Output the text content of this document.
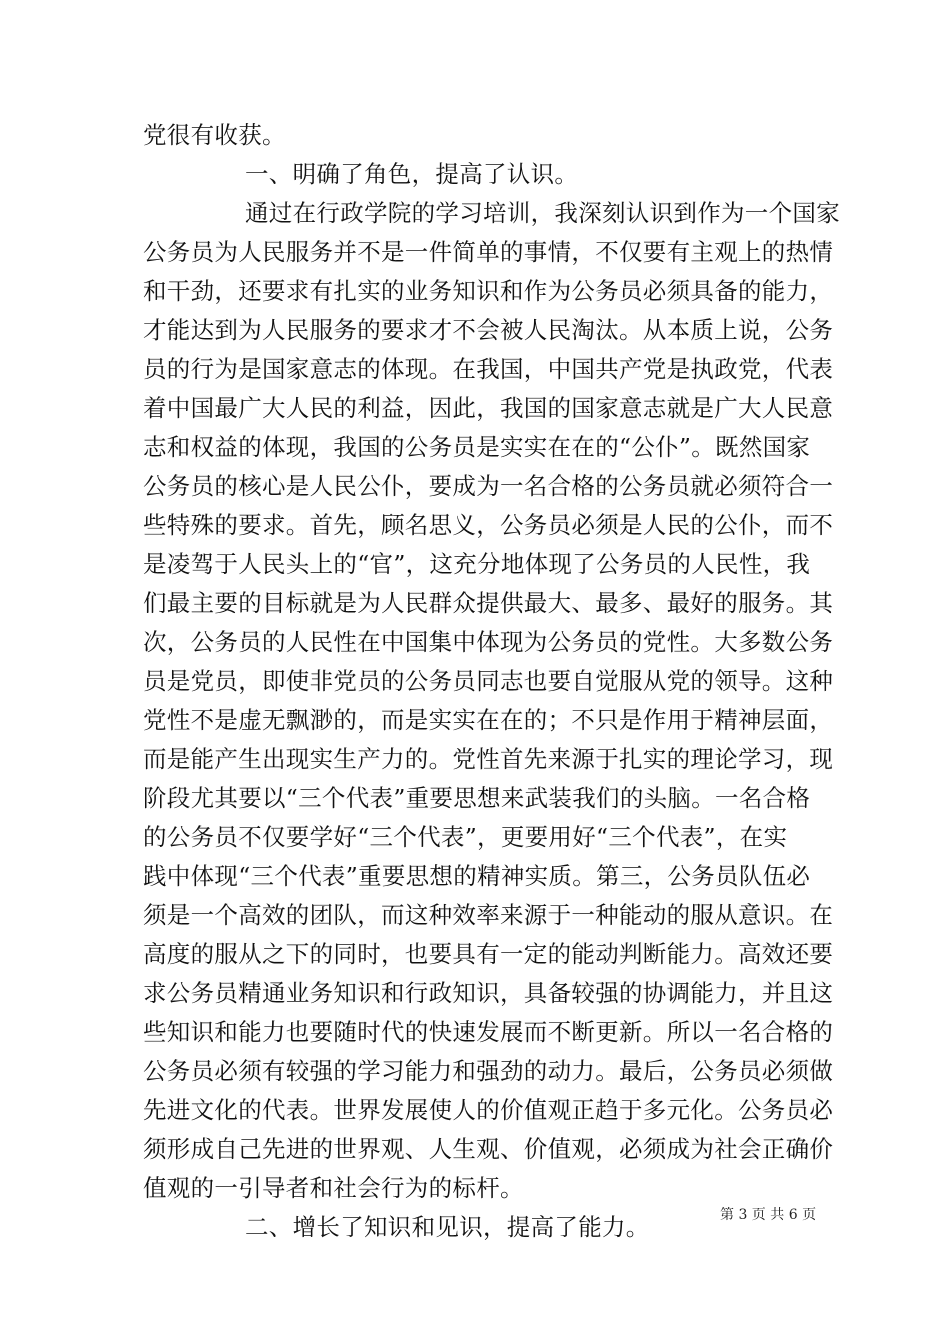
党很有收获。
一、明确了角色，提高了认识。
通过在行政学院的学习培训，我深刻认识到作为一个国家
公务员为人民服务并不是一件简单的事情，不仅要有主观上的热情
和干劲，还要求有扎实的业务知识和作为公务员必须具备的能力，
才能达到为人民服务的要求才不会被人民淘汰。从本质上说，公务
员的行为是国家意志的体现。在我国，中国共产党是执政党，代表
着中国最广大人民的利益，因此，我国的国家意志就是广大人民意
志和权益的体现，我国的公务员是实实在在的“公仆”。既然国家
公务员的核心是人民公仆，要成为一名合格的公务员就必须符合一
些特殊的要求。首先，顾名思义，公务员必须是人民的公仆，而不
是凌驾于人民头上的“官”，这充分地体现了公务员的人民性，我
们最主要的目标就是为人民群众提供最大、最多、最好的服务。其
次，公务员的人民性在中国集中体现为公务员的党性。大多数公务
员是党员，即使非党员的公务员同志也要自觉服从党的领导。这种
党性不是虚无飘渺的，而是实实在在的；不只是作用于精神层面，
而是能产生出现实生产力的。党性首先来源于扎实的理论学习，现
阶段尤其要以“三个代表”重要思想来武装我们的头脑。一名合格
的公务员不仅要学好“三个代表”，更要用好“三个代表”，在实
践中体现“三个代表”重要思想的精神实质。第三，公务员队伍必
须是一个高效的团队，而这种效率来源于一种能动的服从意识。在
高度的服从之下的同时，也要具有一定的能动判断能力。高效还要
求公务员精通业务知识和行政知识，具备较强的协调能力，并且这
些知识和能力也要随时代的快速发展而不断更新。所以一名合格的
公务员必须有较强的学习能力和强劲的动力。最后，公务员必须做
先进文化的代表。世界发展使人的价值观正趋于多元化。公务员必
须形成自己先进的世界观、人生观、价值观，必须成为社会正确价
值观的一引导者和社会行为的标杆。
二、增长了知识和见识，提高了能力。	第 3 页 共 6 页
